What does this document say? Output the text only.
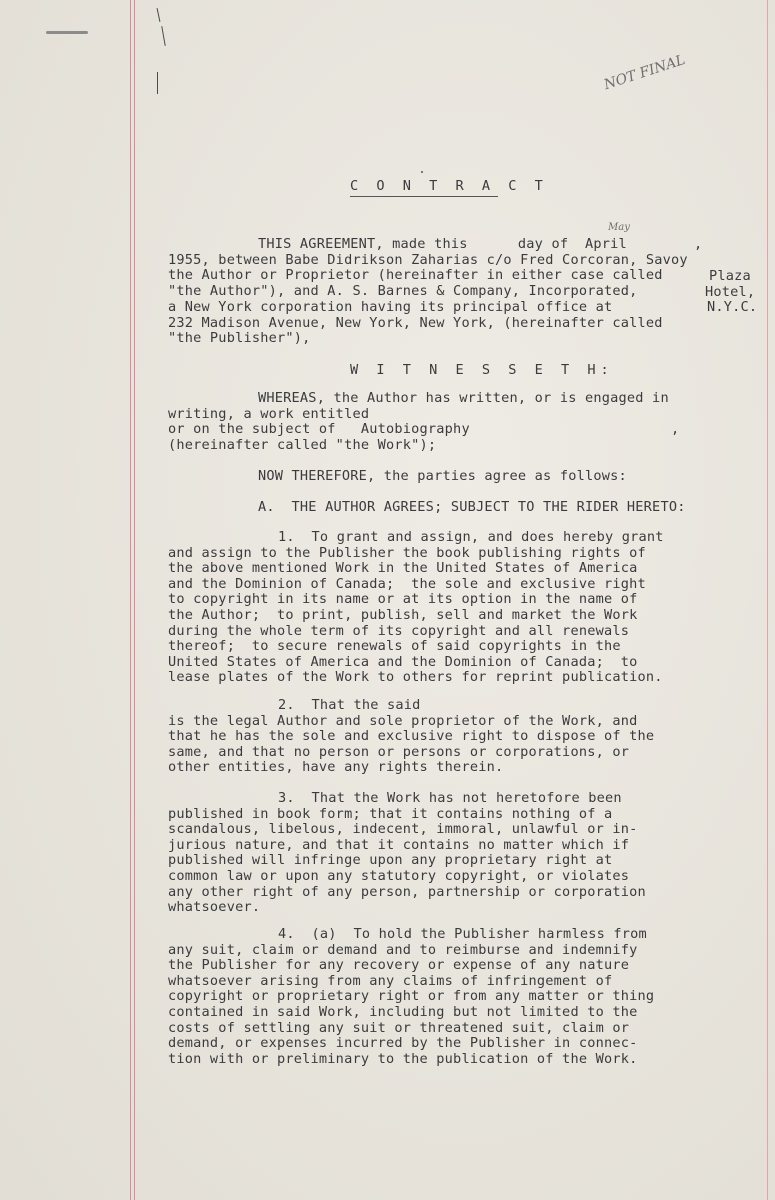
NOT FINAL
C O N T R A C T
May
THIS AGREEMENT, made this      day of  April        ,
1955, between Babe Didrikson Zaharias c/o Fred Corcoran, Savoy
the Author or Proprietor (hereinafter in either case called
"the Author"), and A. S. Barnes & Company, Incorporated,
a New York corporation having its principal office at
232 Madison Avenue, New York, New York, (hereinafter called
"the Publisher"),
Plaza
Hotel,
N.Y.C.
W I T N E S S E T H:
WHEREAS, the Author has written, or is engaged in
writing, a work entitled
or on the subject of   Autobiography                        ,
(hereinafter called "the Work");
NOW THEREFORE, the parties agree as follows:
A.  THE AUTHOR AGREES; SUBJECT TO THE RIDER HERETO:
1.  To grant and assign, and does hereby grant
and assign to the Publisher the book publishing rights of
the above mentioned Work in the United States of America
and the Dominion of Canada;  the sole and exclusive right
to copyright in its name or at its option in the name of
the Author;  to print, publish, sell and market the Work
during the whole term of its copyright and all renewals
thereof;  to secure renewals of said copyrights in the
United States of America and the Dominion of Canada;  to
lease plates of the Work to others for reprint publication.
2.  That the said
is the legal Author and sole proprietor of the Work, and
that he has the sole and exclusive right to dispose of the
same, and that no person or persons or corporations, or
other entities, have any rights therein.
3.  That the Work has not heretofore been
published in book form; that it contains nothing of a
scandalous, libelous, indecent, immoral, unlawful or in-
jurious nature, and that it contains no matter which if
published will infringe upon any proprietary right at
common law or upon any statutory copyright, or violates
any other right of any person, partnership or corporation
whatsoever.
4.  (a)  To hold the Publisher harmless from
any suit, claim or demand and to reimburse and indemnify
the Publisher for any recovery or expense of any nature
whatsoever arising from any claims of infringement of
copyright or proprietary right or from any matter or thing
contained in said Work, including but not limited to the
costs of settling any suit or threatened suit, claim or
demand, or expenses incurred by the Publisher in connec-
tion with or preliminary to the publication of the Work.
